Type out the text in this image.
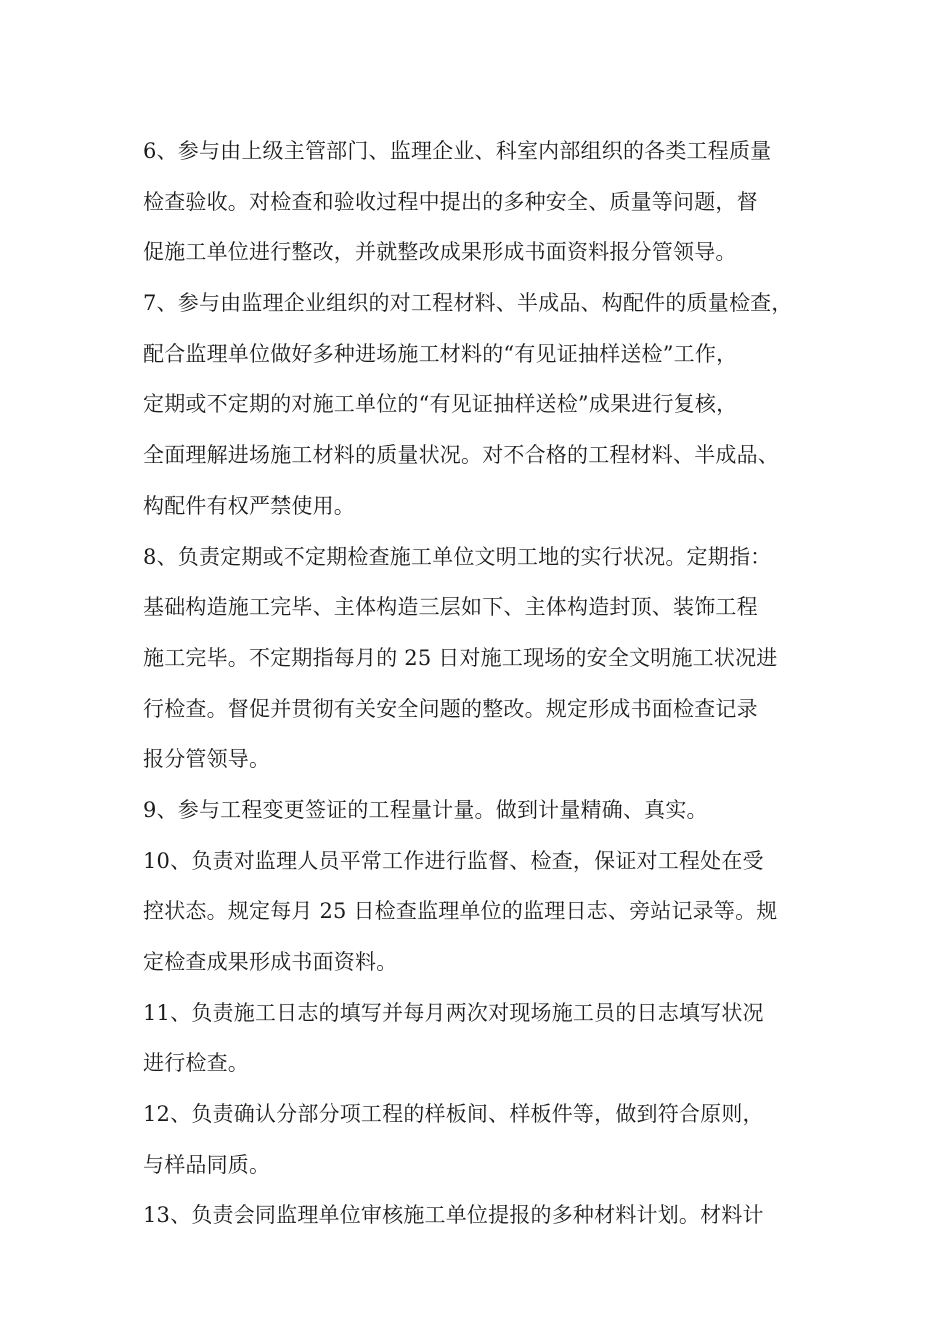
6、参与由上级主管部门、监理企业、科室内部组织的各类工程质量
检查验收。对检查和验收过程中提出的多种安全、质量等问题，督
促施工单位进行整改，并就整改成果形成书面资料报分管领导。
7、参与由监理企业组织的对工程材料、半成品、构配件的质量检查，
配合监理单位做好多种进场施工材料的“有见证抽样送检”工作，
定期或不定期的对施工单位的“有见证抽样送检”成果进行复核，
全面理解进场施工材料的质量状况。对不合格的工程材料、半成品、
构配件有权严禁使用。
8、负责定期或不定期检查施工单位文明工地的实行状况。定期指：
基础构造施工完毕、主体构造三层如下、主体构造封顶、装饰工程
施工完毕。不定期指每月的 25 日对施工现场的安全文明施工状况进
行检查。督促并贯彻有关安全问题的整改。规定形成书面检查记录
报分管领导。
9、参与工程变更签证的工程量计量。做到计量精确、真实。
10、负责对监理人员平常工作进行监督、检查，保证对工程处在受
控状态。规定每月 25 日检查监理单位的监理日志、旁站记录等。规
定检查成果形成书面资料。
11、负责施工日志的填写并每月两次对现场施工员的日志填写状况
进行检查。
12、负责确认分部分项工程的样板间、样板件等，做到符合原则，
与样品同质。
13、负责会同监理单位审核施工单位提报的多种材料计划。材料计
